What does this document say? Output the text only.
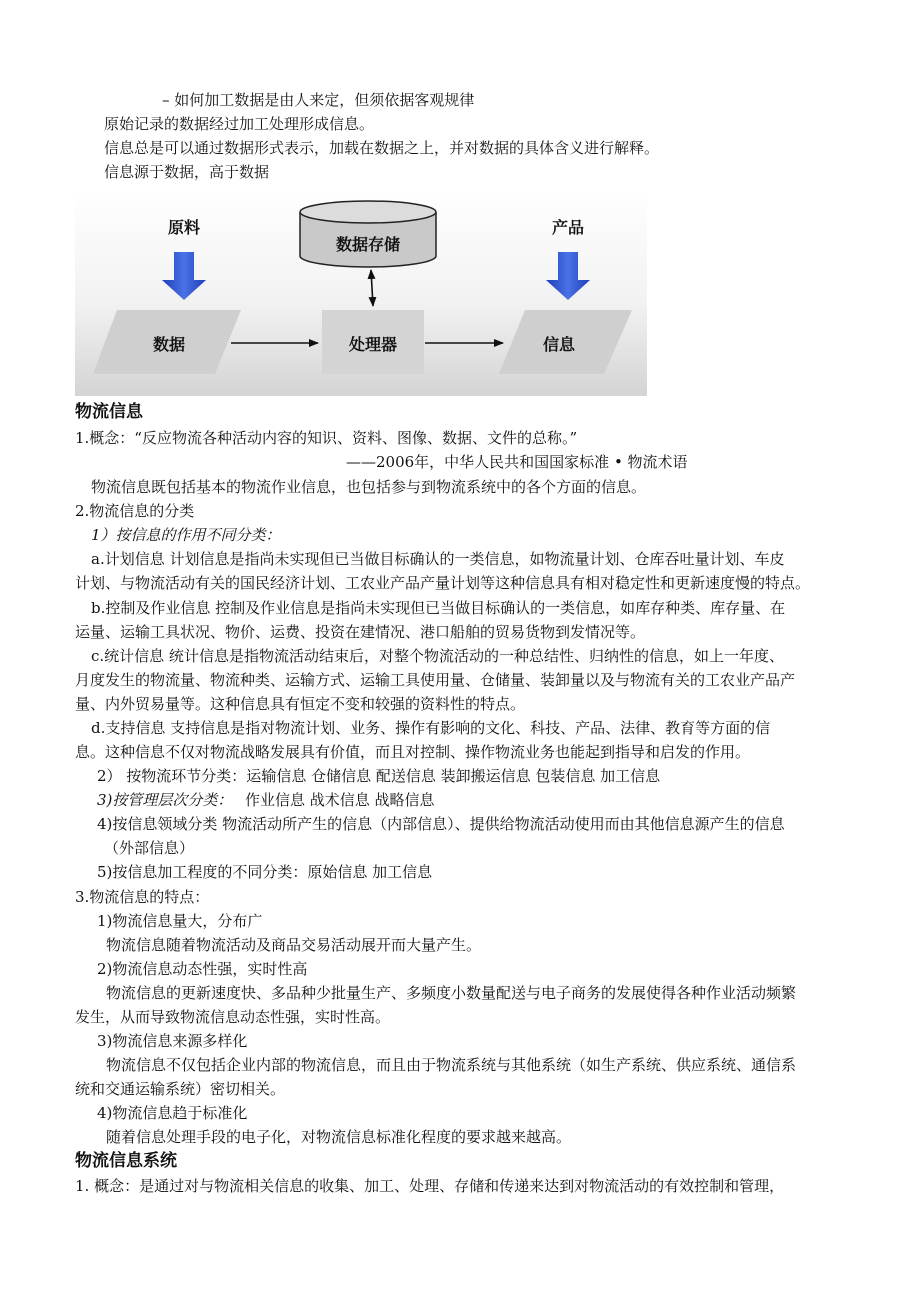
– 如何加工数据是由人来定，但须依据客观规律
原始记录的数据经过加工处理形成信息。
信息总是可以通过数据形式表示，加载在数据之上，并对数据的具体含义进行解释。
信息源于数据，高于数据
原料	产品
数据存储
数据	处理器	信息
物流信息
1.概念：“反应物流各种活动内容的知识、资料、图像、数据、文件的总称。”
——2006年，中华人民共和国国家标准 • 物流术语
物流信息既包括基本的物流作业信息，也包括参与到物流系统中的各个方面的信息。
2.物流信息的分类
1）按信息的作用不同分类：
a.计划信息 计划信息是指尚未实现但已当做目标确认的一类信息，如物流量计划、仓库吞吐量计划、车皮
计划、与物流活动有关的国民经济计划、工农业产品产量计划等这种信息具有相对稳定性和更新速度慢的特点。
b.控制及作业信息 控制及作业信息是指尚未实现但已当做目标确认的一类信息，如库存种类、库存量、在
运量、运输工具状况、物价、运费、投资在建情况、港口船舶的贸易货物到发情况等。
c.统计信息 统计信息是指物流活动结束后，对整个物流活动的一种总结性、归纳性的信息，如上一年度、
月度发生的物流量、物流种类、运输方式、运输工具使用量、仓储量、装卸量以及与物流有关的工农业产品产
量、内外贸易量等。这种信息具有恒定不变和较强的资料性的特点。
d.支持信息 支持信息是指对物流计划、业务、操作有影响的文化、科技、产品、法律、教育等方面的信
息。这种信息不仅对物流战略发展具有价值，而且对控制、操作物流业务也能起到指导和启发的作用。
2） 按物流环节分类：运输信息 仓储信息 配送信息 装卸搬运信息 包装信息 加工信息
3)按管理层次分类： 作业信息 战术信息 战略信息
4)按信息领域分类 物流活动所产生的信息（内部信息）、提供给物流活动使用而由其他信息源产生的信息
（外部信息）
5)按信息加工程度的不同分类：原始信息 加工信息
3.物流信息的特点：
1)物流信息量大，分布广
物流信息随着物流活动及商品交易活动展开而大量产生。
2)物流信息动态性强，实时性高
物流信息的更新速度快、多品种少批量生产、多频度小数量配送与电子商务的发展使得各种作业活动频繁
发生，从而导致物流信息动态性强，实时性高。
3)物流信息来源多样化
物流信息不仅包括企业内部的物流信息，而且由于物流系统与其他系统（如生产系统、供应系统、通信系
统和交通运输系统）密切相关。
4)物流信息趋于标准化
随着信息处理手段的电子化，对物流信息标准化程度的要求越来越高。
物流信息系统
1. 概念：是通过对与物流相关信息的收集、加工、处理、存储和传递来达到对物流活动的有效控制和管理，
